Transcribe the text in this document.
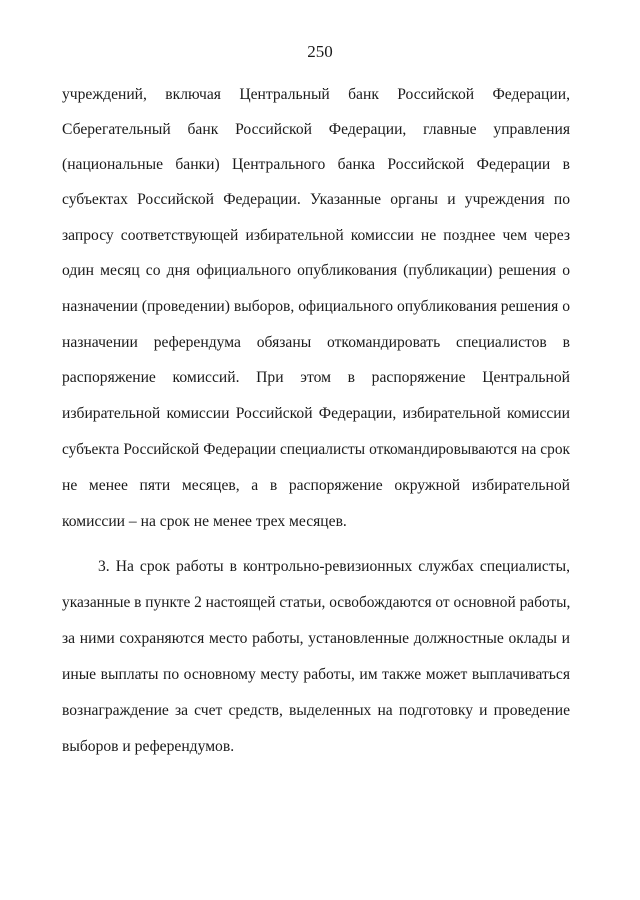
250
учреждений, включая Центральный банк Российской Федерации,
Сберегательный банк Российской Федерации, главные управления
(национальные банки) Центрального банка Российской Федерации в
субъектах Российской Федерации. Указанные органы и учреждения по
запросу соответствующей избирательной комиссии не позднее чем через
один месяц со дня официального опубликования (публикации) решения о
назначении (проведении) выборов, официального опубликования решения о
назначении референдума обязаны откомандировать специалистов в
распоряжение комиссий. При этом в распоряжение Центральной
избирательной комиссии Российской Федерации, избирательной комиссии
субъекта Российской Федерации специалисты откомандировываются на срок
не менее пяти месяцев, а в распоряжение окружной избирательной
комиссии – на срок не менее трех месяцев.
3. На срок работы в контрольно-ревизионных службах специалисты,
указанные в пункте 2 настоящей статьи, освобождаются от основной работы,
за ними сохраняются место работы, установленные должностные оклады и
иные выплаты по основному месту работы, им также может выплачиваться
вознаграждение за счет средств, выделенных на подготовку и проведение
выборов и референдумов.
